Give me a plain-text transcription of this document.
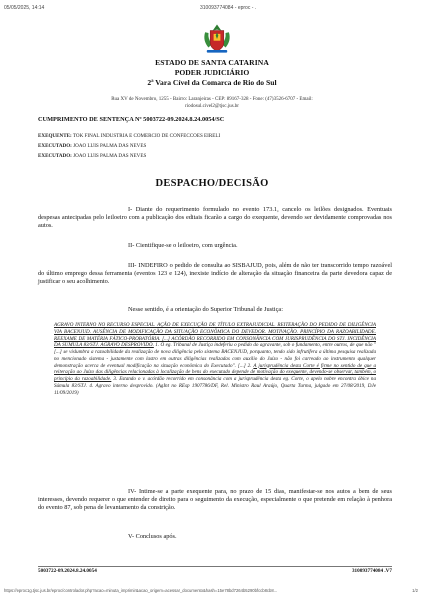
05/05/2025, 14:14	310093774084 - eproc - .
ESTADO DE SANTA CATARINA
PODER JUDICIÁRIO
2ª Vara Cível da Comarca de Rio do Sul
Rua XV de Novembro, 1255 - Bairro: Laranjeiras - CEP: 89167-328 - Fone: (47)3526-6707 - Email:
riodosul.civel2@tjsc.jus.br
CUMPRIMENTO DE SENTENÇA Nº 5003722-09.2024.8.24.0054/SC
EXEQUENTE: TOK FINAL INDUSTRIA E COMERCIO DE CONFECCOES EIRELI
EXECUTADO: JOAO LUIS PALMA DAS NEVES
EXECUTADO: JOAO LUIS PALMA DAS NEVES
DESPACHO/DECISÃO
I- Diante do requerimento formulado no evento 173.1, cancelo os leilões designados. Eventuais despesas antecipadas pelo leiloeiro com a publicação dos editais ficarão a cargo do exequente, devendo ser devidamente comprovadas nos autos.
II- Cientifique-se o leiloeiro, com urgência.
III- INDEFIRO o pedido de consulta ao SISBAJUD, pois, além de não ter transcorrido tempo razoável do último emprego dessa ferramenta (eventos 123 e 124), inexiste indício de alteração da situação financeira da parte devedora capaz de justificar o seu acolhimento.
Nesse sentido, é a orientação do Superior Tribunal de Justiça:
AGRAVO INTERNO NO RECURSO ESPECIAL. AÇÃO DE EXECUÇÃO DE TÍTULO EXTRAJUDICIAL. REITERAÇÃO DO PEDIDO DE DILIGÊNCIA VIA BACENJUD. AUSÊNCIA DE MODIFICAÇÃO DA SITUAÇÃO ECONÔMICA DO DEVEDOR. MOTIVAÇÃO. PRINCÍPIO DA RAZOABILIDADE. REEXAME DE MATÉRIA FÁTICO-PROBATÓRIA. [...] ACÓRDÃO RECORRIDO EM CONSONÂNCIA COM JURISPRUDÊNCIA DO STJ. INCIDÊNCIA DA SÚMULA 83/STJ. AGRAVO DESPROVIDO. 1. O eg. Tribunal de Justiça indeferiu o pedido do agravante, sob o fundamento, entre outros, de que não "[...] se vislumbra a razoabilidade da realização de nova diligência pelo sistema BACENJUD, porquanto, tendo sido infrutífera a última pesquisa realizada no mencionado sistema - justamente com lastro em outras diligências realizadas com auxílio do Juízo - não foi carreado ao instrumento qualquer demonstração acerca de eventual modificação na situação econômica do Executado". [...] 2. A jurisprudência desta Corte é firme no sentido de que a reiteração ao Juízo das diligências relacionadas à localização de bens do executado depende de motivação do exequente, devendo-se observar, também, o princípio da razoabilidade. 3. Estando o v. acórdão recorrido em consonância com a jurisprudência desta eg. Corte, o apelo nobre encontra óbice na Súmula 83/STJ. 4. Agravo interno desprovido. (AgInt no REsp 1907786/DF, Rel. Ministro Raul Araújo, Quarta Turma, julgado em 27/08/2019, DJe 11/09/2019)
IV- Intime-se a parte exequente para, no prazo de 15 dias, manifestar-se nos autos a bem de seus interesses, devendo requerer o que entender de direito para o seguimento da execução, especialmente o que pretende em relação à penhora do evento 87, sob pena de levantamento da constrição.
V- Conclusos após.
5003722-09.2024.8.24.0054	310093774084 .V7
https://eproc1g.tjsc.jus.br/eproc/controlador.php?acao=minuta_imprimir&acao_origem=acessar_documento&hash=15e78bd7264b5290bfccb8cb8...	1/2
